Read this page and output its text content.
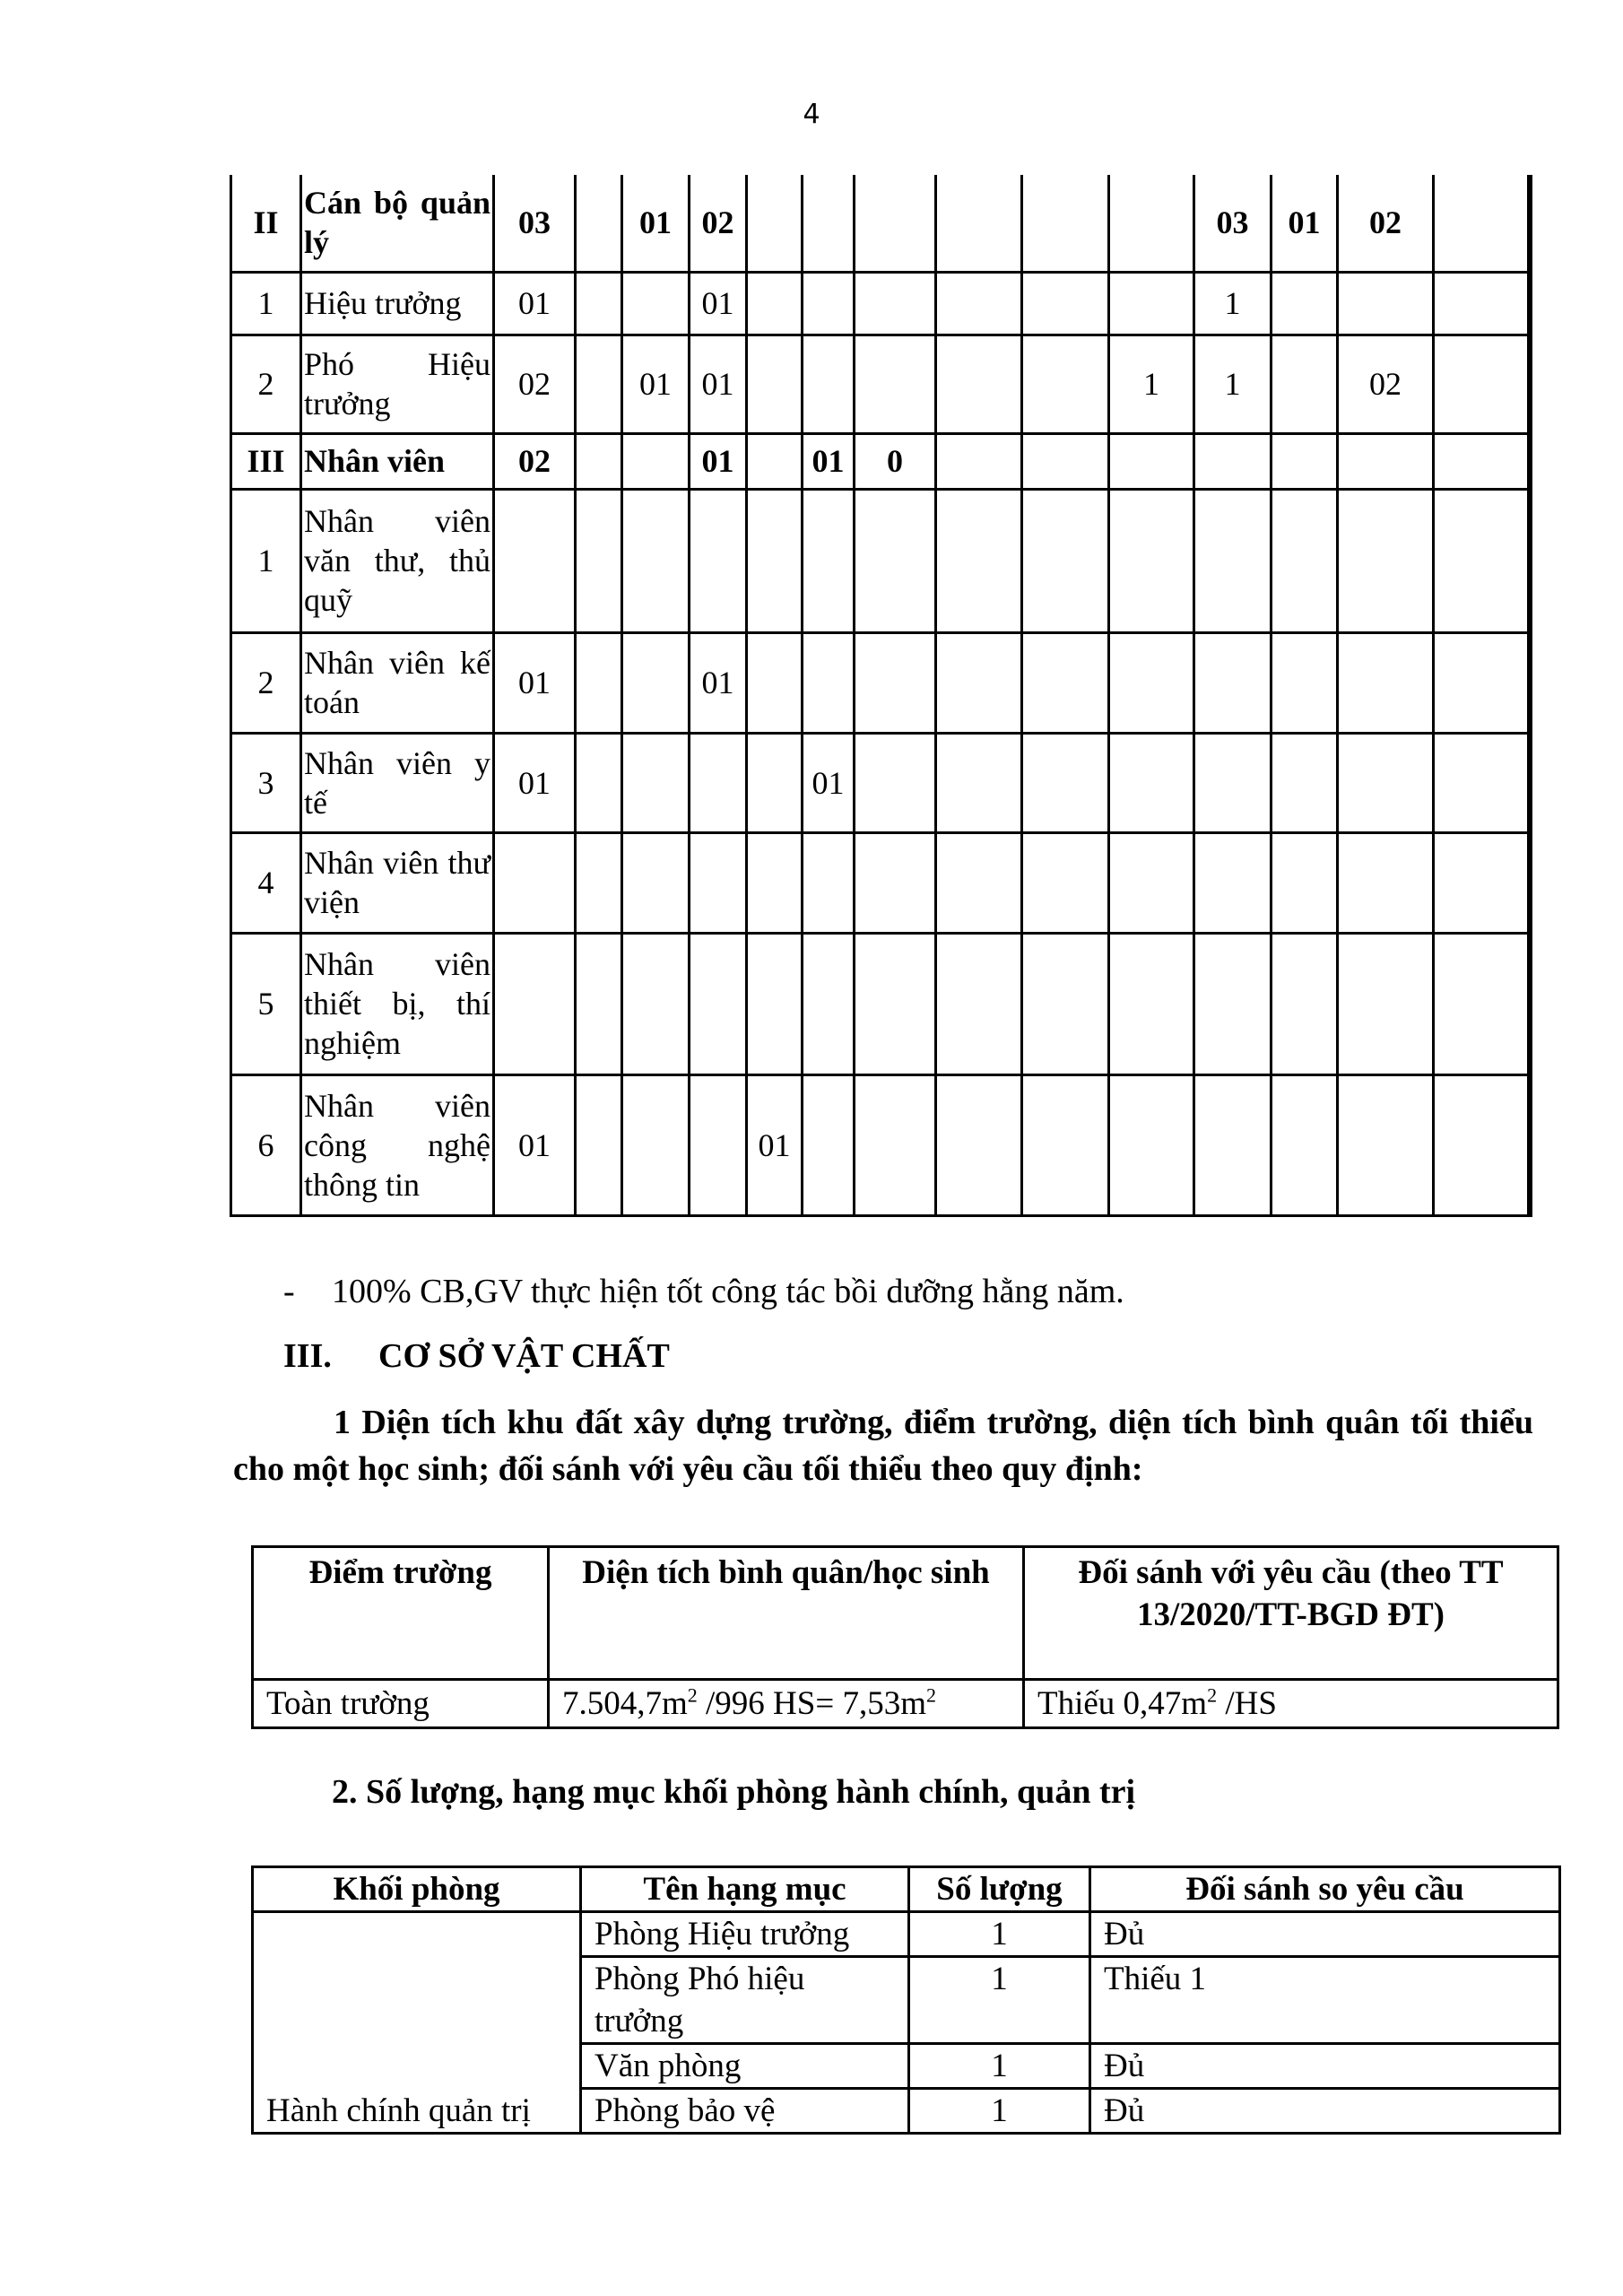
4
II	Cán bộ quản lý	03		01	02							03	01	02		
1	Hiệu trưởng	01			01							1				
2	Phó Hiệu trưởng	02		01	01						1	1		02		
III	Nhân viên	02			01		01	0								
1	Nhân viên văn thư, thủ quỹ															
2	Nhân viên kế toán	01			01											
3	Nhân viên y tế	01					01									
4	Nhân viên thư viện															
5	Nhân viên thiết bị, thí nghiệm															
6	Nhân viên công nghệ thông tin	01				01										
- 100% CB,GV thực hiện tốt công tác bồi dưỡng hằng năm.
III. CƠ SỞ VẬT CHẤT
1 Diện tích khu đất xây dựng trường, điểm trường, diện tích bình quân tối thiểu cho một học sinh; đối sánh với yêu cầu tối thiểu theo quy định:
Điểm trường	Diện tích bình quân/học sinh	Đối sánh với yêu cầu (theo TT 13/2020/TT-BGD ĐT)
Toàn trường	$7.504,7m^2$ /996 $HS= 7,53m^2$	Thiếu $0,47m^2$ /HS
2. Số lượng, hạng mục khối phòng hành chính, quản trị
Khối phòng	Tên hạng mục	Số lượng	Đối sánh so yêu cầu
Hành chính quản trị	Phòng Hiệu trưởng	1	Đủ
	Phòng Phó hiệu trưởng	1	Thiếu 1
	Văn phòng	1	Đủ
	Phòng bảo vệ	1	Đủ
